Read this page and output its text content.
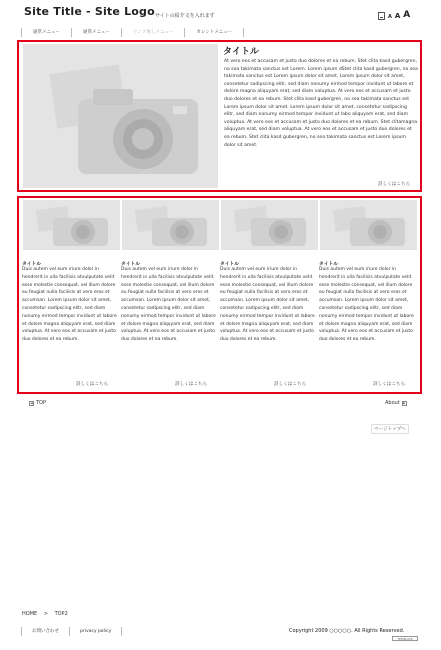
Site Title - Site Logo サイトの紹介文を入れます	A A A
通常メニュー	通常メニュー	リンク無しメニュー	カレントメニュー
タイトル
At vero eos et accusam et justo duo dolores et ea rebum. Stet clita kasd gubergren, no sea takimata sanctus est Lorem. Lorem ipsum dStet clita kasd gubergren, no sea takimata sanctus est Lorem ipsum dolor sit amet. Lorem ipsum dolor sit amet, consetetur sadipscing elitr, sed diam nonumy eirmod tempor invidunt ut labore et dolore magna aliquyam erat, sed diam voluptua. At vero eos et accusam et justo duo dolores et ea rebum. Stet clita kasd gubergren, no sea takimata sanctus est Lorem ipsum dolor sit amet. Lorem ipsum dolor sit amet, consetetur sadipscing elitr, sed diam nonumy eirmod tempor invidunt ut labo aliquyam erat, sed diam voluptua. At vero eos et accusam et justo duo dolores et ea rebum. Stet clitamagna aliquyam erat, sed diam voluptua. At vero eos et accusam et justo duo dolores et ea rebum. Stet clita kasd gubergren, no sea takimata sanctus est Lorem ipsum dolor sit amet.
詳しくはこちら
タイトル	タイトル	タイトル	タイトル
Duis autem vel eum iriure dolor in hendrerit in ulla facilisis atvulputate velit esse molestie consequat, vel illum dolore eu feugiat nulla facilisis at vero eros et accumsan. Lorem ipsum dolor sit amet, consetetur sadipscing elitr, sed diam nonumy eirmod tempor invidunt ut labore et dolore magna aliquyam erat, sed diam voluptua. At vero eos et accusam et justo duo dolores et ea rebum.
Duis autem vel eum iriure dolor in hendrerit in ulla facilisis atvulputate velit esse molestie consequat, vel illum dolore eu feugiat nulla facilisis at vero eros et accumsan. Lorem ipsum dolor sit amet, consetetur sadipscing elitr, sed diam nonumy eirmod tempor invidunt ut labore et dolore magna aliquyam erat, sed diam voluptua. At vero eos et accusam et justo duo dolores et ea rebum.
Duis autem vel eum iriure dolor in hendrerit in ulla facilisis atvulputate velit esse molestie consequat, vel illum dolore eu feugiat nulla facilisis at vero eros et accumsan. Lorem ipsum dolor sit amet, consetetur sadipscing elitr, sed diam nonumy eirmod tempor invidunt ut labore et dolore magna aliquyam erat, sed diam voluptua. At vero eos et accusam et justo duo dolores et ea rebum.
Duis autem vel eum iriure dolor in hendrerit in ulla facilisis atvulputate velit esse molestie consequat, vel illum dolore eu feugiat nulla facilisis at vero eros et accumsan. Lorem ipsum dolor sit amet, consetetur sadipscing elitr, sed diam nonumy eirmod tempor invidunt ut labore et dolore magna aliquyam erat, sed diam voluptua. At vero eos et accusam et justo duo dolores et ea rebum.
詳しくはこちら	詳しくはこちら	詳しくはこちら	詳しくはこちら
◀ TOP	About	▶
ページトップへ
HOME > TOP2
お問い合わせ	privacy policy	Copyright 2009 ○○○○○. All Rights Reserved.
TEMPLATE
